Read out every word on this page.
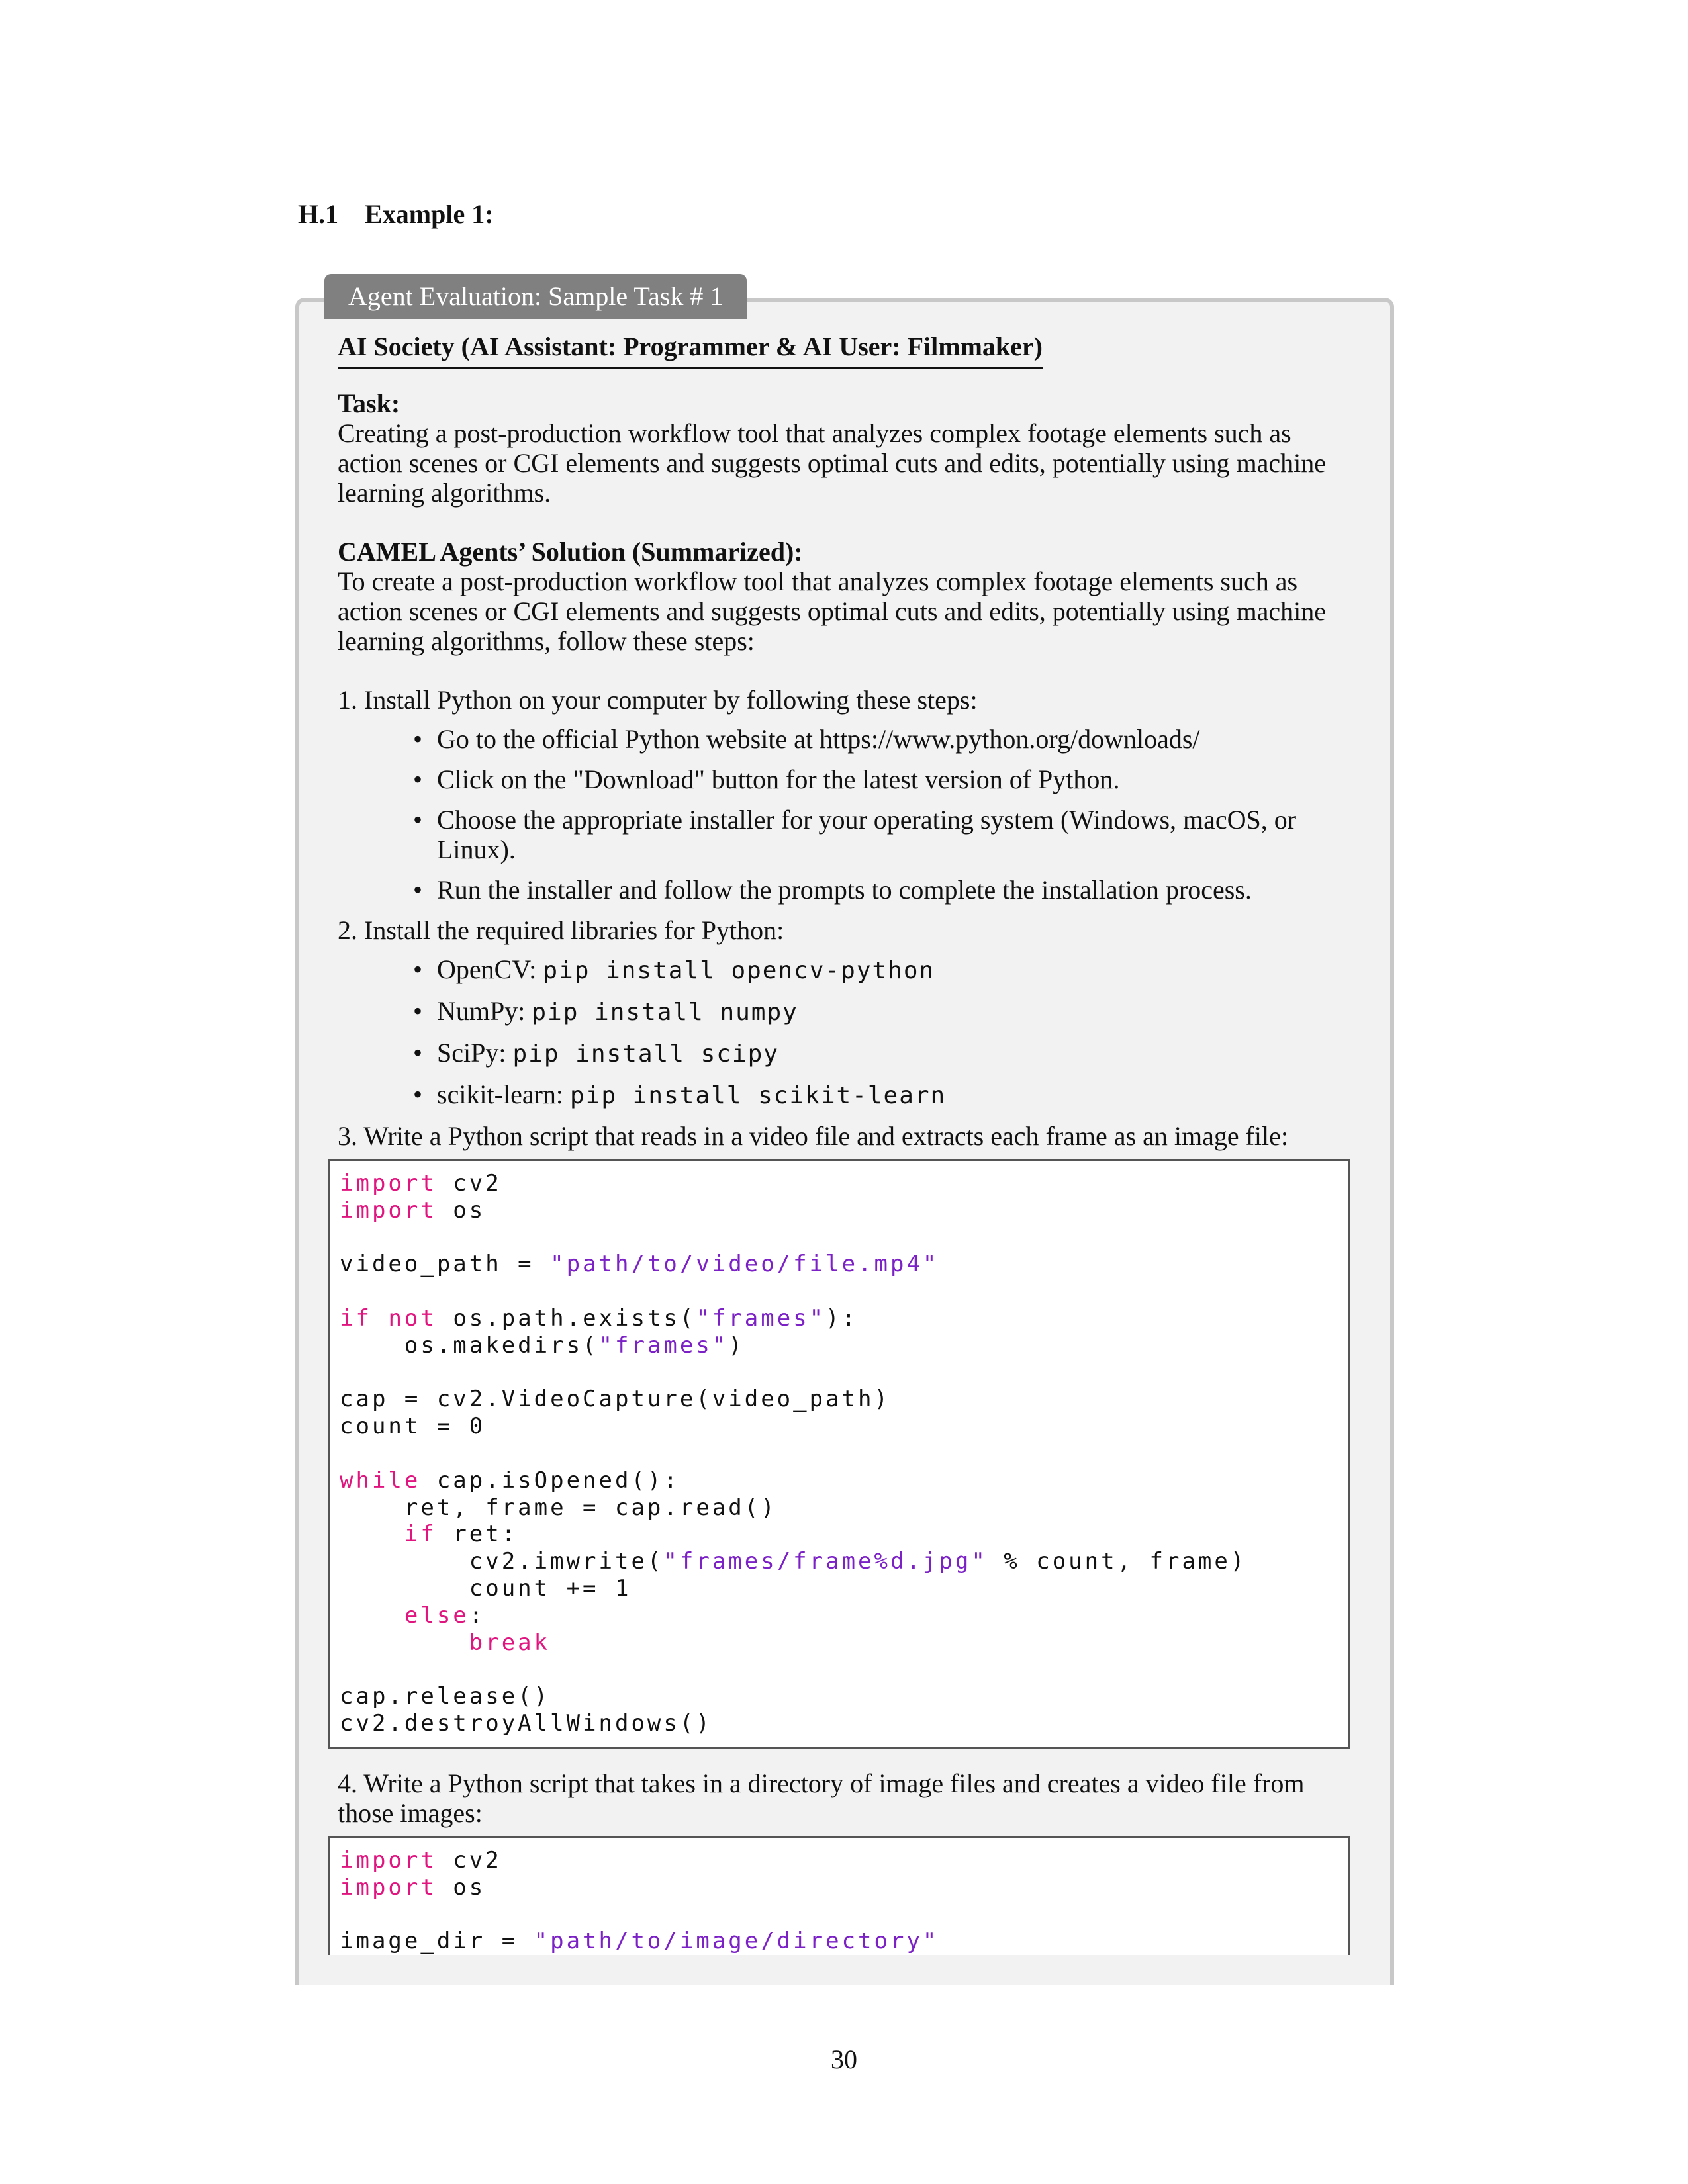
H.1 Example 1:
Agent Evaluation: Sample Task # 1
AI Society (AI Assistant: Programmer & AI User: Filmmaker)

Task:

Creating a post-production workflow tool that analyzes complex footage elements such as action scenes or CGI elements and suggests optimal cuts and edits, potentially using machine learning algorithms.

CAMEL Agents’ Solution (Summarized):

To create a post-production workflow tool that analyzes complex footage elements such as action scenes or CGI elements and suggests optimal cuts and edits, potentially using machine learning algorithms, follow these steps:

1. Install Python on your computer by following these steps:
• Go to the official Python website at https://www.python.org/downloads/
• Click on the "Download" button for the latest version of Python.
• Choose the appropriate installer for your operating system (Windows, macOS, or Linux).
• Run the installer and follow the prompts to complete the installation process.
2. Install the required libraries for Python:
• OpenCV: pip install opencv-python
• NumPy: pip install numpy
• SciPy: pip install scipy
• scikit-learn: pip install scikit-learn
3. Write a Python script that reads in a video file and extracts each frame as an image file:
import cv2
import os
video_path = "path/to/video/file.mp4"
if not os.path.exists("frames"):
os.makedirs("frames")
cap = cv2.VideoCapture(video_path)
count = 0
while cap.isOpened():
ret, frame = cap.read()
if ret:
cv2.imwrite("frames/frame%d.jpg" % count, frame)
count += 1
else:
break
cap.release()
cv2.destroyAllWindows()
4. Write a Python script that takes in a directory of image files and creates a video file from those images:
import cv2
import os
image_dir = "path/to/image/directory"
30
